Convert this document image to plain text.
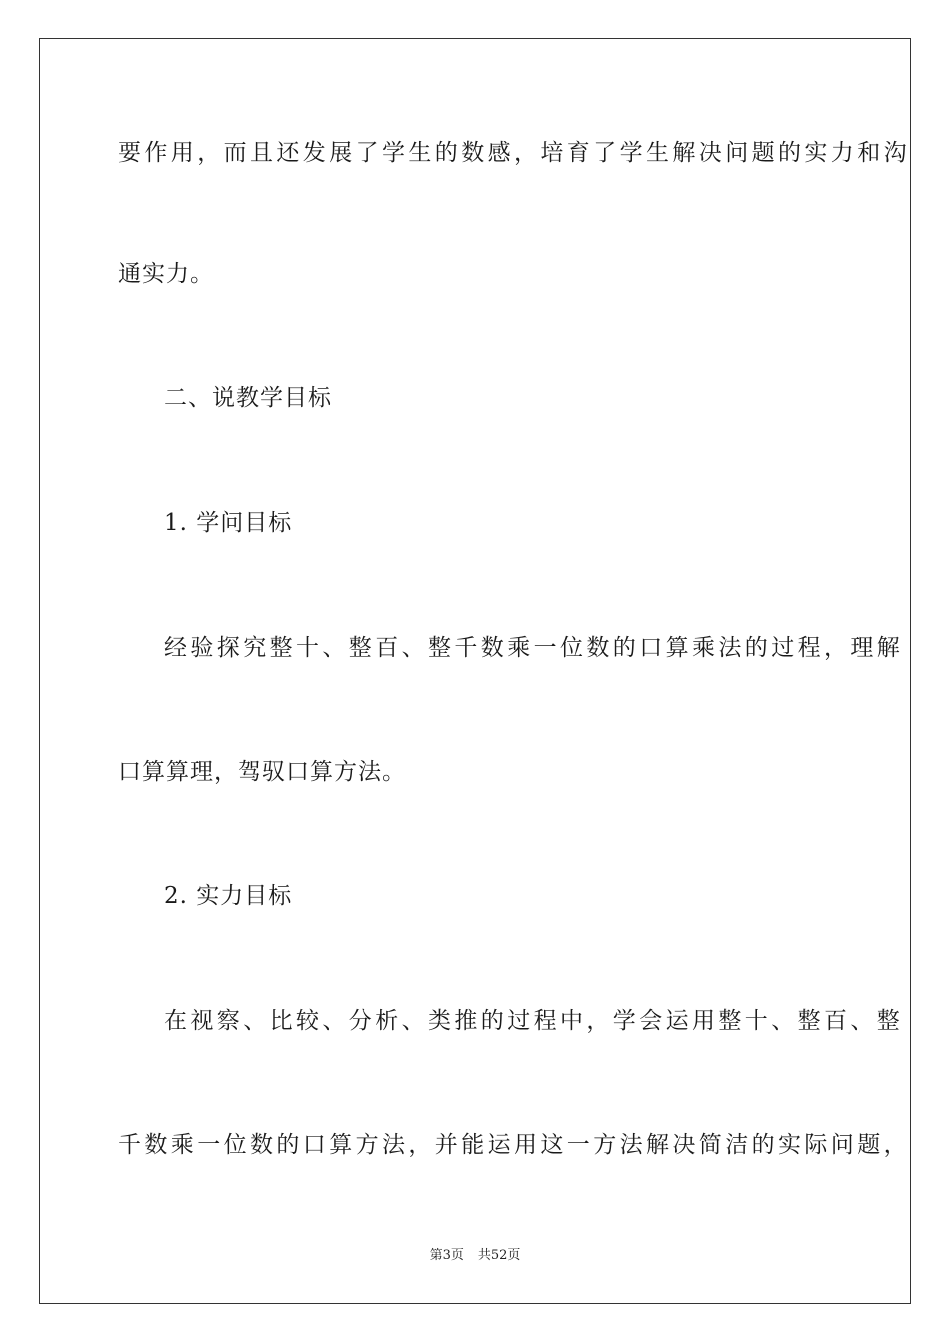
要作用，而且还发展了学生的数感，培育了学生解决问题的实力和沟
通实力。
二、说教学目标
1. 学问目标
经验探究整十、整百、整千数乘一位数的口算乘法的过程，理解
口算算理，驾驭口算方法。
2. 实力目标
在视察、比较、分析、类推的过程中，学会运用整十、整百、整
千数乘一位数的口算方法，并能运用这一方法解决简洁的实际问题，
第3页 共52页
